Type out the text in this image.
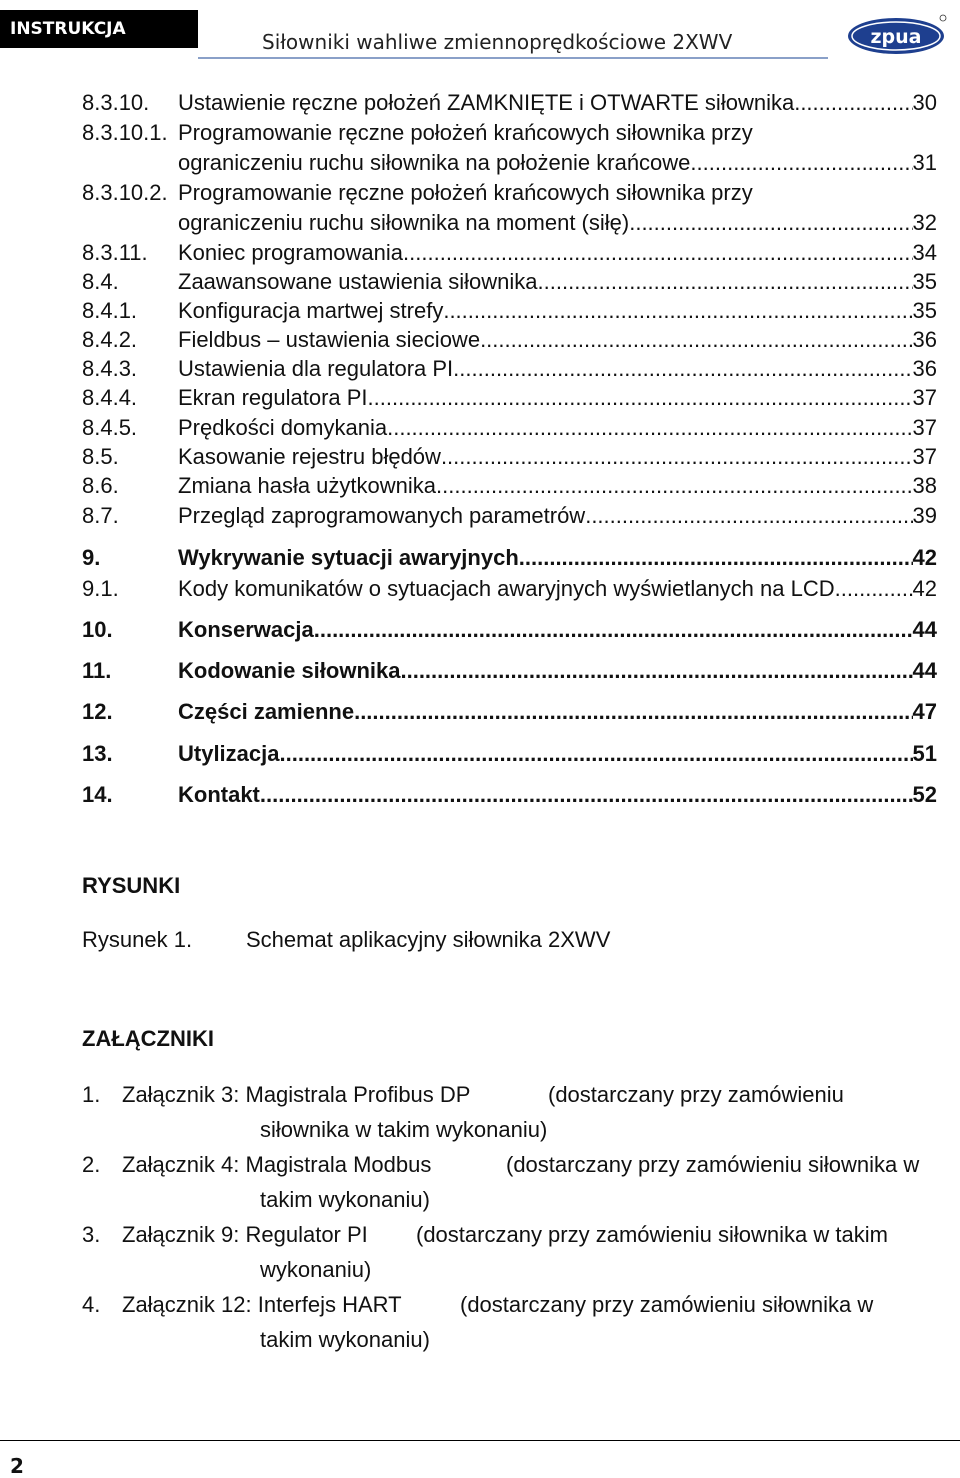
INSTRUKCJA OBSŁUGI
Siłowniki wahliwe zmiennoprędkościowe 2XWV	zpua
8.3.10. Ustawienie ręczne położeń ZAMKNIĘTE i OTWARTE siłownika .....	30
8.3.10.1. Programowanie ręczne położeń krańcowych siłownika przy
ograniczeniu ruchu siłownika na położenie krańcowe. .....	31
8.3.10.2. Programowanie ręczne położeń krańcowych siłownika przy
ograniczeniu ruchu siłownika na moment (siłę). .....	32
8.3.11. Koniec programowania .....	34
8.4.	Zaawansowane ustawienia siłownika .....	35
8.4.1. Konfiguracja martwej strefy .....	35
8.4.2. Fieldbus – ustawienia sieciowe .....	36
8.4.3. Ustawienia dla regulatora PI .....	36
8.4.4. Ekran regulatora PI .....	37
8.4.5. Prędkości domykania .....	37
8.5.	Kasowanie rejestru błędów .....	37
8.6.	Zmiana hasła użytkownika .....	38
8.7.	Przegląd zaprogramowanych parametrów .....	39
9.	Wykrywanie sytuacji awaryjnych .....	42
9.1.	Kody komunikatów o sytuacjach awaryjnych wyświetlanych na LCD .....	42
10.	Konserwacja .....	44
11.	Kodowanie siłownika .....	44
12.	Części zamienne .....	47
13.	Utylizacja .....	51
14.	Kontakt .....	52
RYSUNKI
Rysunek 1. Schemat aplikacyjny siłownika 2XWV
ZAŁĄCZNIKI
1. Załącznik 3: Magistrala Profibus DP	(dostarczany przy zamówieniu
siłownika w takim wykonaniu)
2. Załącznik 4: Magistrala Modbus	(dostarczany przy zamówieniu siłownika w
takim wykonaniu)
3. Załącznik 9: Regulator PI (dostarczany przy zamówieniu siłownika w takim
wykonaniu)
4. Załącznik 12: Interfejs HART	(dostarczany przy zamówieniu siłownika w
takim wykonaniu)
2
